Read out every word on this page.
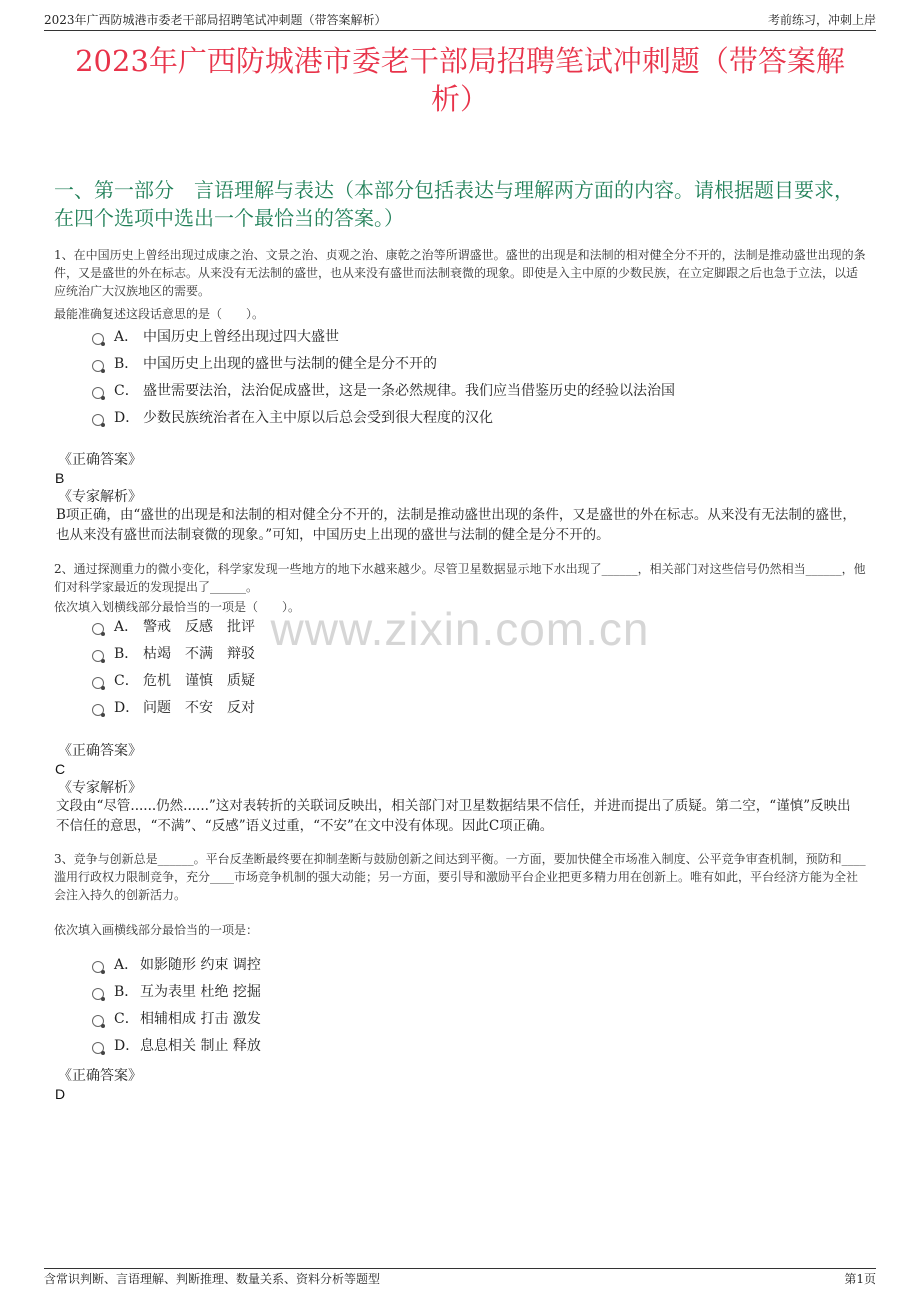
2023年广西防城港市委老干部局招聘笔试冲刺题（带答案解析）	考前练习，冲刺上岸
2023年广西防城港市委老干部局招聘笔试冲刺题（带答案解析）
一、第一部分　言语理解与表达（本部分包括表达与理解两方面的内容。请根据题目要求，在四个选项中选出一个最恰当的答案。）
1、在中国历史上曾经出现过成康之治、文景之治、贞观之治、康乾之治等所谓盛世。盛世的出现是和法制的相对健全分不开的，法制是推动盛世出现的条件，又是盛世的外在标志。从来没有无法制的盛世，也从来没有盛世而法制衰微的现象。即使是入主中原的少数民族，在立定脚跟之后也急于立法，以适应统治广大汉族地区的需要。
最能准确复述这段话意思的是（　　）。
A． 中国历史上曾经出现过四大盛世
B． 中国历史上出现的盛世与法制的健全是分不开的
C． 盛世需要法治，法治促成盛世，这是一条必然规律。我们应当借鉴历史的经验以法治国
D． 少数民族统治者在入主中原以后总会受到很大程度的汉化
《正确答案》
B
《专家解析》
B项正确，由“盛世的出现是和法制的相对健全分不开的，法制是推动盛世出现的条件，又是盛世的外在标志。从来没有无法制的盛世，也从来没有盛世而法制衰微的现象。”可知，中国历史上出现的盛世与法制的健全是分不开的。
2、通过探测重力的微小变化，科学家发现一些地方的地下水越来越少。尽管卫星数据显示地下水出现了______，相关部门对这些信号仍然相当______，他们对科学家最近的发现提出了______。
依次填入划横线部分最恰当的一项是（　　）。
A． 警戒　反感　批评
B． 枯竭　不满　辩驳
C． 危机　谨慎　质疑
D． 问题　不安　反对
《正确答案》
C
《专家解析》
文段由“尽管......仍然......”这对表转折的关联词反映出，相关部门对卫星数据结果不信任，并进而提出了质疑。第二空，“谨慎”反映出不信任的意思，“不满”、“反感”语义过重，“不安”在文中没有体现。因此C项正确。
3、竞争与创新总是______。平台反垄断最终要在抑制垄断与鼓励创新之间达到平衡。一方面，要加快健全市场准入制度、公平竞争审查机制，预防和____滥用行政权力限制竞争，充分____市场竞争机制的强大动能；另一方面，要引导和激励平台企业把更多精力用在创新上。唯有如此，平台经济方能为全社会注入持久的创新活力。
依次填入画横线部分最恰当的一项是：
A． 如影随形 约束 调控
B． 互为表里 杜绝 挖掘
C． 相辅相成 打击 激发
D． 息息相关 制止 释放
《正确答案》
D
www.zixin.com.cn
含常识判断、言语理解、判断推理、数量关系、资料分析等题型	第1页
